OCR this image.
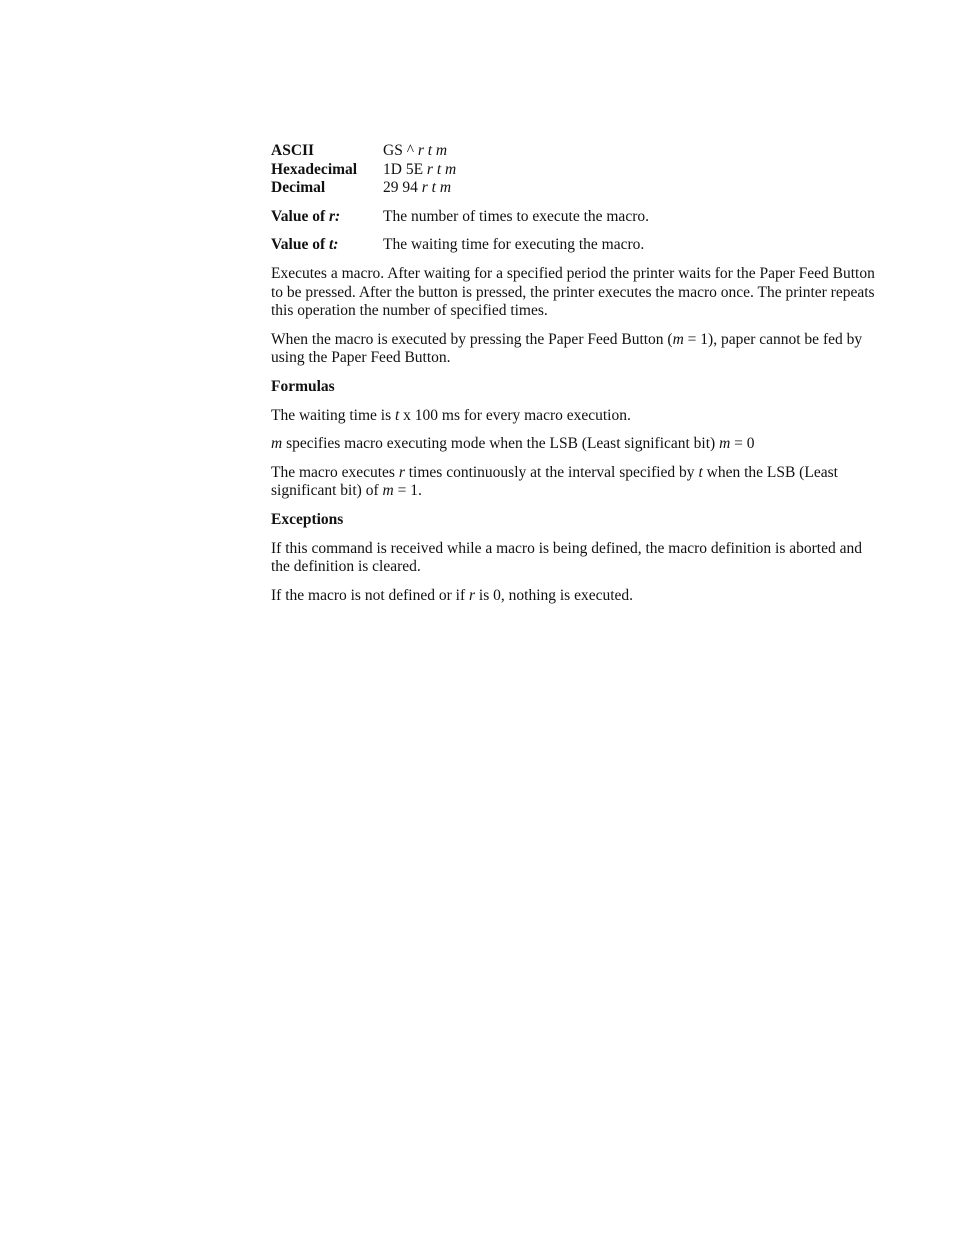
ASCII	GS ^ r t m
Hexadecimal	1D 5E r t m
Decimal	29 94 r t m
Value of r:	The number of times to execute the macro.
Value of t:	The waiting time for executing the macro.

Executes a macro. After waiting for a specified period the printer waits for the Paper Feed Button to be pressed. After the button is pressed, the printer executes the macro once. The printer repeats this operation the number of specified times.

When the macro is executed by pressing the Paper Feed Button (m = 1), paper cannot be fed by using the Paper Feed Button.

Formulas

The waiting time is t x 100 ms for every macro execution.

m specifies macro executing mode when the LSB (Least significant bit) m = 0

The macro executes r times continuously at the interval specified by t when the LSB (Least significant bit) of m = 1.

Exceptions

If this command is received while a macro is being defined, the macro definition is aborted and the definition is cleared.

If the macro is not defined or if r is 0, nothing is executed.
